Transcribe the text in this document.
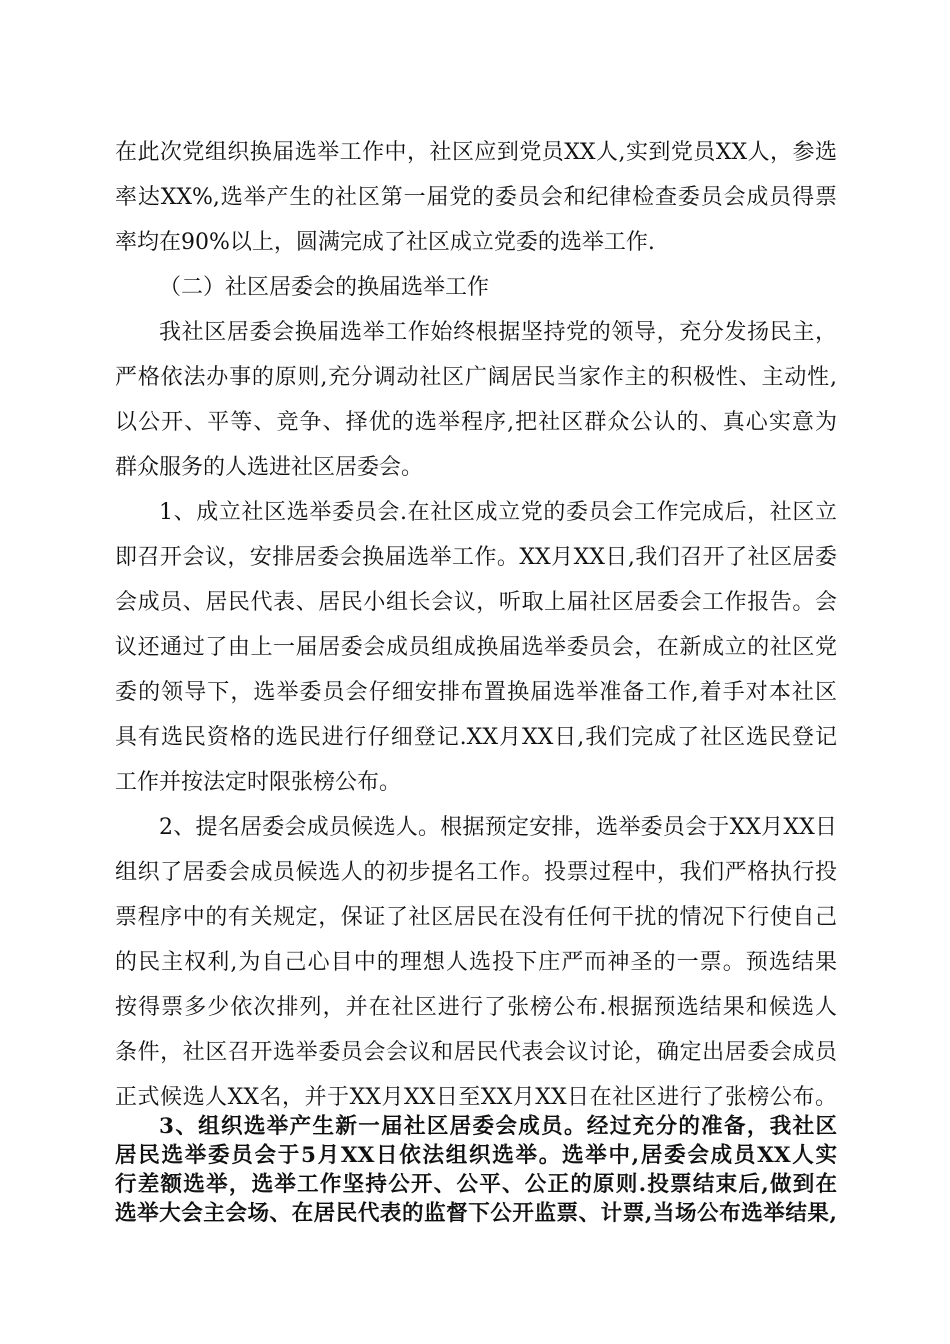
在此次党组织换届选举工作中，社区应到党员XX人,实到党员XX人，参选
率达XX%,选举产生的社区第一届党的委员会和纪律检查委员会成员得票
率均在90%以上，圆满完成了社区成立党委的选举工作.
（二）社区居委会的换届选举工作
我社区居委会换届选举工作始终根据坚持党的领导，充分发扬民主，
严格依法办事的原则,充分调动社区广阔居民当家作主的积极性、主动性,
以公开、平等、竞争、择优的选举程序,把社区群众公认的、真心实意为
群众服务的人选进社区居委会。
1、成立社区选举委员会.在社区成立党的委员会工作完成后，社区立
即召开会议，安排居委会换届选举工作。XX月XX日,我们召开了社区居委
会成员、居民代表、居民小组长会议，听取上届社区居委会工作报告。会
议还通过了由上一届居委会成员组成换届选举委员会，在新成立的社区党
委的领导下，选举委员会仔细安排布置换届选举准备工作,着手对本社区
具有选民资格的选民进行仔细登记.XX月XX日,我们完成了社区选民登记
工作并按法定时限张榜公布。
2、提名居委会成员候选人。根据预定安排，选举委员会于XX月XX日
组织了居委会成员候选人的初步提名工作。投票过程中，我们严格执行投
票程序中的有关规定，保证了社区居民在没有任何干扰的情况下行使自己
的民主权利,为自己心目中的理想人选投下庄严而神圣的一票。预选结果
按得票多少依次排列，并在社区进行了张榜公布.根据预选结果和候选人
条件，社区召开选举委员会会议和居民代表会议讨论，确定出居委会成员
正式候选人XX名，并于XX月XX日至XX月XX日在社区进行了张榜公布。
3、组织选举产生新一届社区居委会成员。经过充分的准备，我社区
居民选举委员会于5月XX日依法组织选举。选举中,居委会成员XX人实
行差额选举，选举工作坚持公开、公平、公正的原则.投票结束后,做到在
选举大会主会场、在居民代表的监督下公开监票、计票,当场公布选举结果,
